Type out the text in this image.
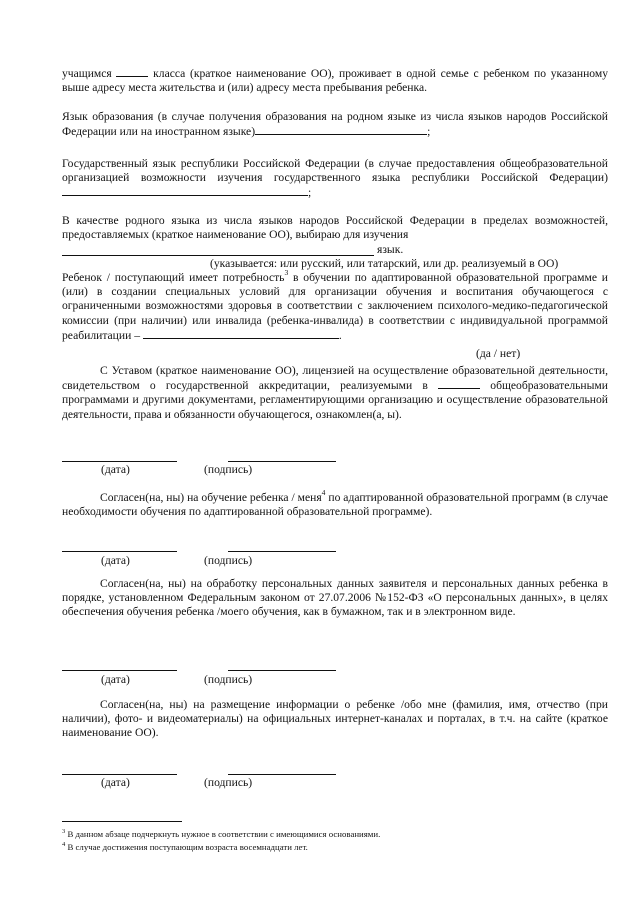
учащимся	класса (краткое наименование ОО), проживает в одной семье с ребенком по указанному выше адресу места жительства и (или) адресу места пребывания ребенка.

Язык образования (в случае получения образования на родном языке из числа языков народов Российской Федерации или на иностранном языке)	;

Государственный язык республики Российской Федерации (в случае предоставления общеобразовательной организацией возможности изучения государственного языка республики Российской Федерации);

В качестве родного языка из числа языков народов Российской Федерации в пределах возможностей, предоставляемых (краткое наименование ОО), выбираю для изучения

язык.
(указывается: или русский, или татарский, или др. реализуемый в ОО)

Ребенок / поступающий имеет потребность$^3$ в обучении по адаптированной образовательной программе и (или) в создании специальных условий для организации обучения и воспитания обучающегося с ограниченными возможностями здоровья в соответствии с заключением психолого-медико-педагогической комиссии (при наличии) или инвалида (ребенка-инвалида) в соответствии с индивидуальной программой реабилитации –	.

(да / нет)

С Уставом (краткое наименование ОО), лицензией на осуществление образовательной деятельности, свидетельством о государственной аккредитации, реализуемыми в	общеобразовательными программами и другими документами, регламентирующими организацию и осуществление образовательной деятельности, права и обязанности обучающегося, ознакомлен(а, ы).

(дата)	(подпись)

Согласен(на, ны) на обучение ребенка / меня$^4$ по адаптированной образовательной программ (в случае необходимости обучения по адаптированной образовательной программе).

(дата)	(подпись)

Согласен(на, ны) на обработку персональных данных заявителя и персональных данных ребенка в порядке, установленном Федеральным законом от 27.07.2006 №152-ФЗ «О персональных данных», в целях обеспечения обучения ребенка /моего обучения, как в бумажном, так и в электронном виде.

(дата)	(подпись)

Согласен(на, ны) на размещение информации о ребенке /обо мне (фамилия, имя, отчество (при наличии), фото- и видеоматериалы) на официальных интернет-каналах и порталах, в т.ч. на сайте (краткое наименование ОО).

(дата)	(подпись)
$^3$ В данном абзаце подчеркнуть нужное в соответствии с имеющимися основаниями.
$^4$ В случае достижения поступающим возраста восемнадцати лет.
